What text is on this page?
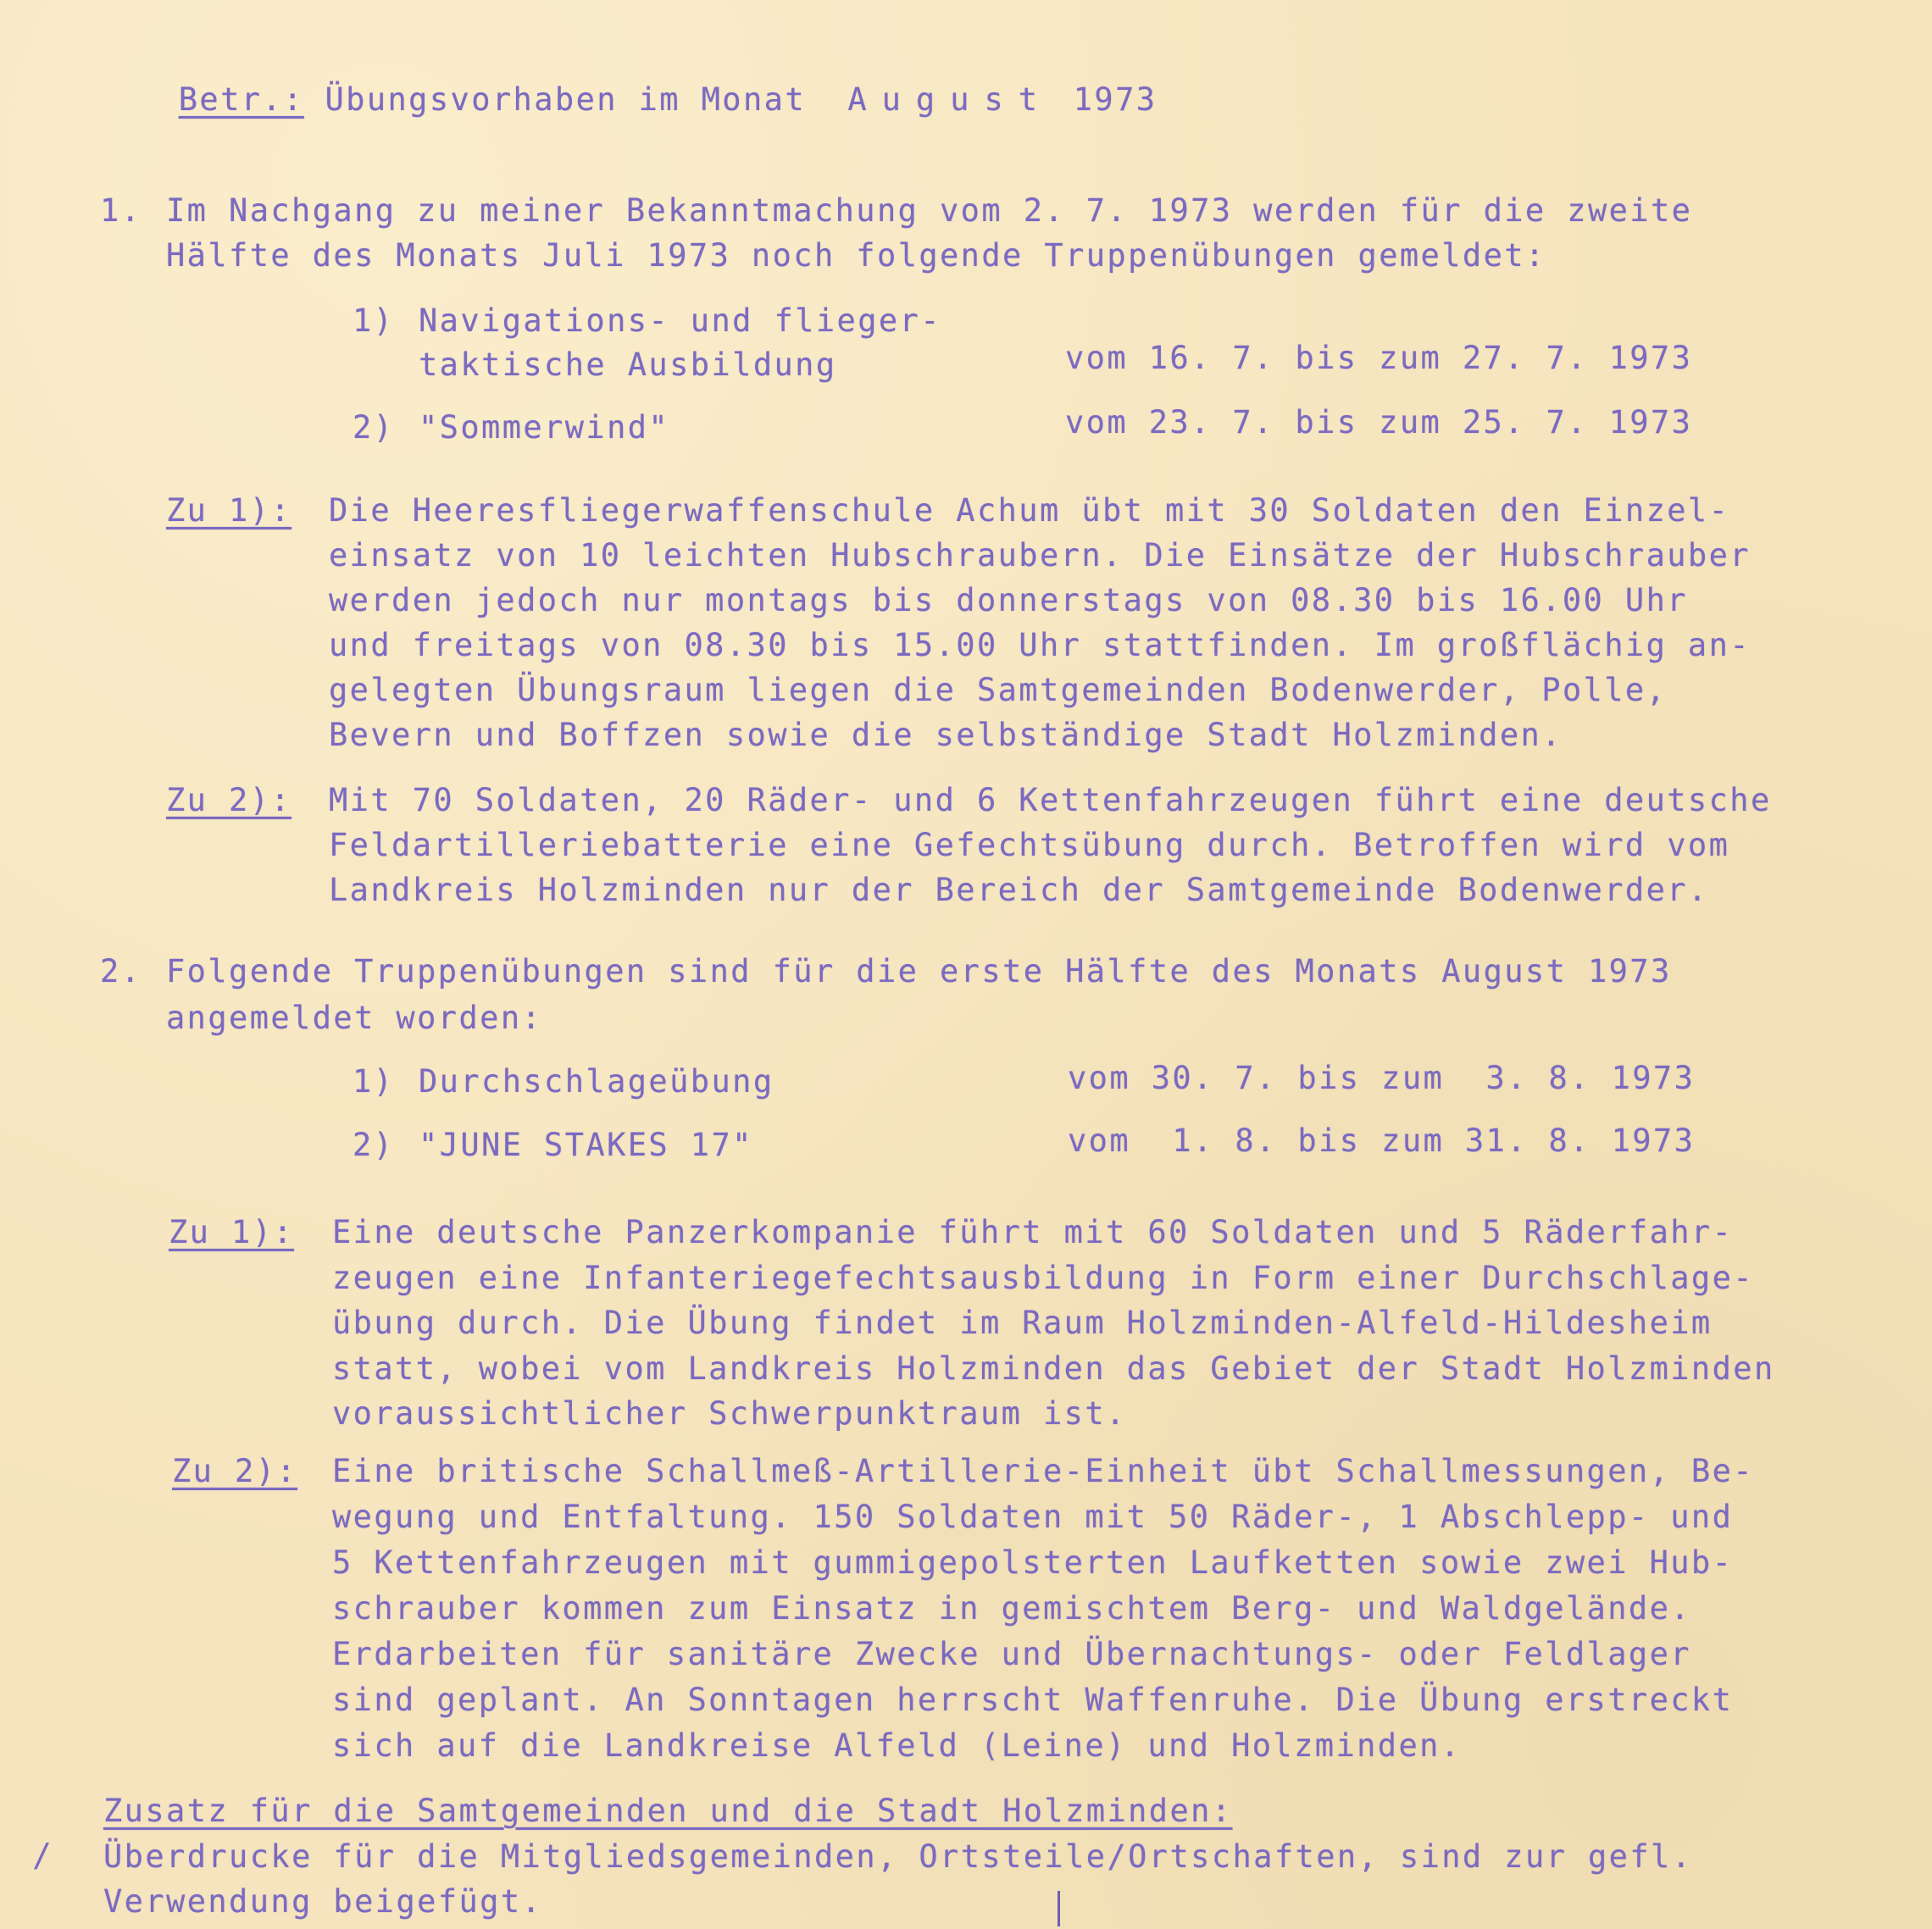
Betr.: Übungsvorhaben im Monat August 1973

1. Im Nachgang zu meiner Bekanntmachung vom 2. 7. 1973 werden für die zweite
Hälfte des Monats Juli 1973 noch folgende Truppenübungen gemeldet:
1) Navigations- und flieger-
taktische Ausbildung	vom 16. 7. bis zum 27. 7. 1973
2) "Sommerwind"	vom 23. 7. bis zum 25. 7. 1973
Zu 1): Die Heeresfliegerwaffenschule Achum übt mit 30 Soldaten den Einzel-
einsatz von 10 leichten Hubschraubern. Die Einsätze der Hubschrauber
werden jedoch nur montags bis donnerstags von 08.30 bis 16.00 Uhr
und freitags von 08.30 bis 15.00 Uhr stattfinden. Im großflächig an-
gelegten Übungsraum liegen die Samtgemeinden Bodenwerder, Polle,
Bevern und Boffzen sowie die selbständige Stadt Holzminden.
Zu 2): Mit 70 Soldaten, 20 Räder- und 6 Kettenfahrzeugen führt eine deutsche
Feldartilleriebatterie eine Gefechtsübung durch. Betroffen wird vom
Landkreis Holzminden nur der Bereich der Samtgemeinde Bodenwerder.
2. Folgende Truppenübungen sind für die erste Hälfte des Monats August 1973
angemeldet worden:
1) Durchschlageübung	vom 30. 7. bis zum  3. 8. 1973
2) "JUNE STAKES 17"	vom  1. 8. bis zum 31. 8. 1973
Zu 1): Eine deutsche Panzerkompanie führt mit 60 Soldaten und 5 Räderfahr-
zeugen eine Infanteriegefechtsausbildung in Form einer Durchschlage-
übung durch. Die Übung findet im Raum Holzminden-Alfeld-Hildesheim
statt, wobei vom Landkreis Holzminden das Gebiet der Stadt Holzminden
voraussichtlicher Schwerpunktraum ist.
Zu 2): Eine britische Schallmeß-Artillerie-Einheit übt Schallmessungen, Be-
wegung und Entfaltung. 150 Soldaten mit 50 Räder-, 1 Abschlepp- und
5 Kettenfahrzeugen mit gummigepolsterten Laufketten sowie zwei Hub-
schrauber kommen zum Einsatz in gemischtem Berg- und Waldgelände.
Erdarbeiten für sanitäre Zwecke und Übernachtungs- oder Feldlager
sind geplant. An Sonntagen herrscht Waffenruhe. Die Übung erstreckt
sich auf die Landkreise Alfeld (Leine) und Holzminden.
Zusatz für die Samtgemeinden und die Stadt Holzminden:
/ Überdrucke für die Mitgliedsgemeinden, Ortsteile/Ortschaften, sind zur gefl.
Verwendung beigefügt.
